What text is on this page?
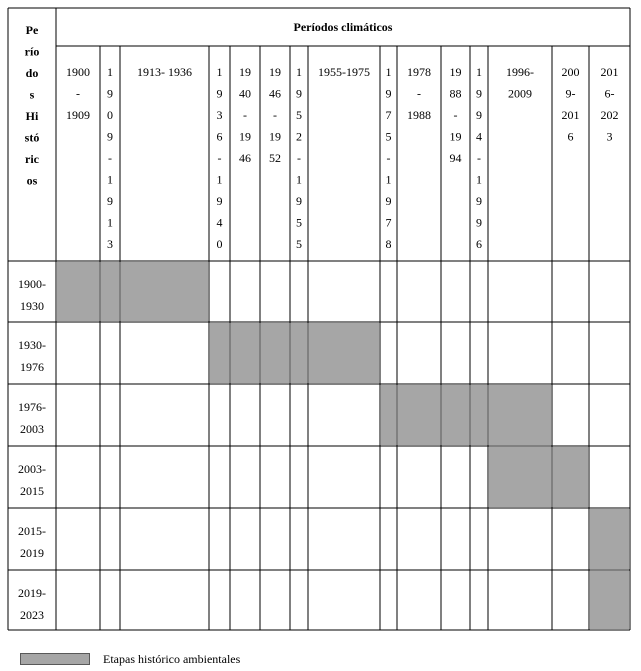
Períodos climáticos
Pe
río
do
s
Hi
stó
ric
os
1900
-
1909
1
9
0
9
-
1
9
1
3
1913- 1936 1
9
3
6
-
1
9
4
0
19
40
-
19
46
19
46
-
19
52
1
9
5
2
-
1
9
5
5
1955-1975 1
9
7
5
-
1
9
7
8
1978
-
1988
19
88
-
19
94
1
9
9
4
-
1
9
9
6
1996-
2009
200
9-
201
6
201
6-
202
3
1900-
1930
1930-
1976
1976-
2003
2003-
2015
2015-
2019
2019-
2023
Etapas histórico ambientales
